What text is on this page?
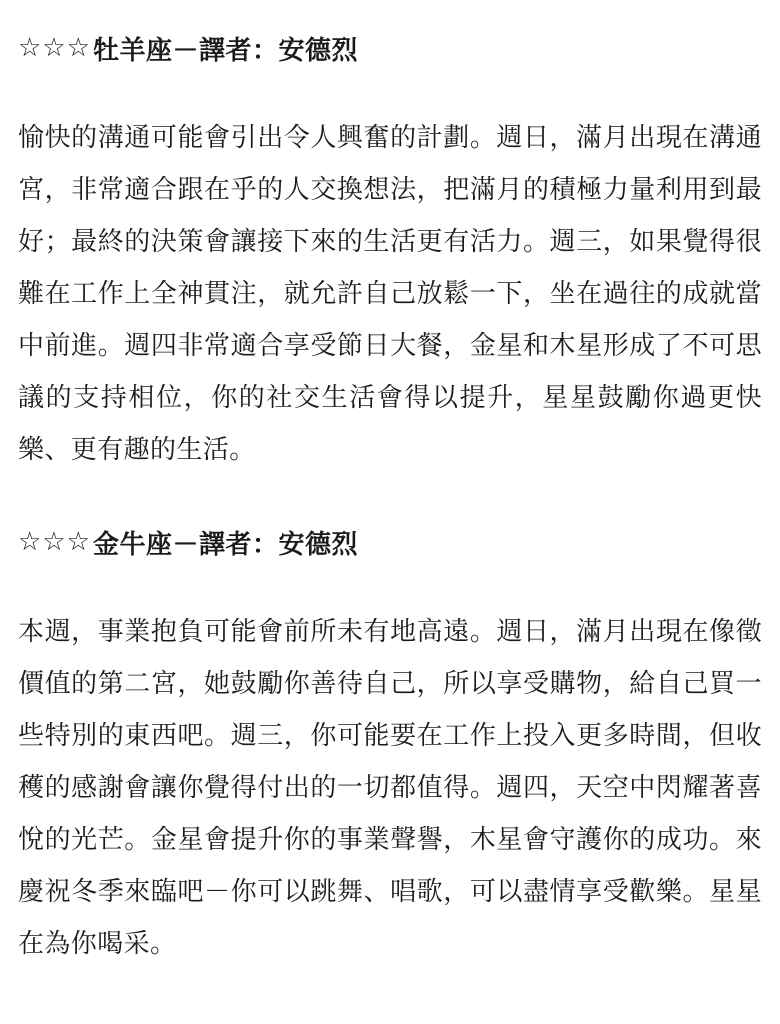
☆☆☆ 牡羊座－譯者：安德烈

愉快的溝通可能會引出令人興奮的計劃。週日，滿月出現在溝通宮，非常適合跟在乎的人交換想法，把滿月的積極力量利用到最好；最終的決策會讓接下來的生活更有活力。週三，如果覺得很難在工作上全神貫注，就允許自己放鬆一下，坐在過往的成就當中前進。週四非常適合享受節日大餐，金星和木星形成了不可思議的支持相位，你的社交生活會得以提升，星星鼓勵你過更快樂、更有趣的生活。

☆☆☆ 金牛座－譯者：安德烈

本週，事業抱負可能會前所未有地高遠。週日，滿月出現在像徵價值的第二宮，她鼓勵你善待自己，所以享受購物，給自己買一些特別的東西吧。週三，你可能要在工作上投入更多時間，但收穫的感謝會讓你覺得付出的一切都值得。週四，天空中閃耀著喜悅的光芒。金星會提升你的事業聲譽，木星會守護你的成功。來慶祝冬季來臨吧－你可以跳舞、唱歌，可以盡情享受歡樂。星星在為你喝采。
